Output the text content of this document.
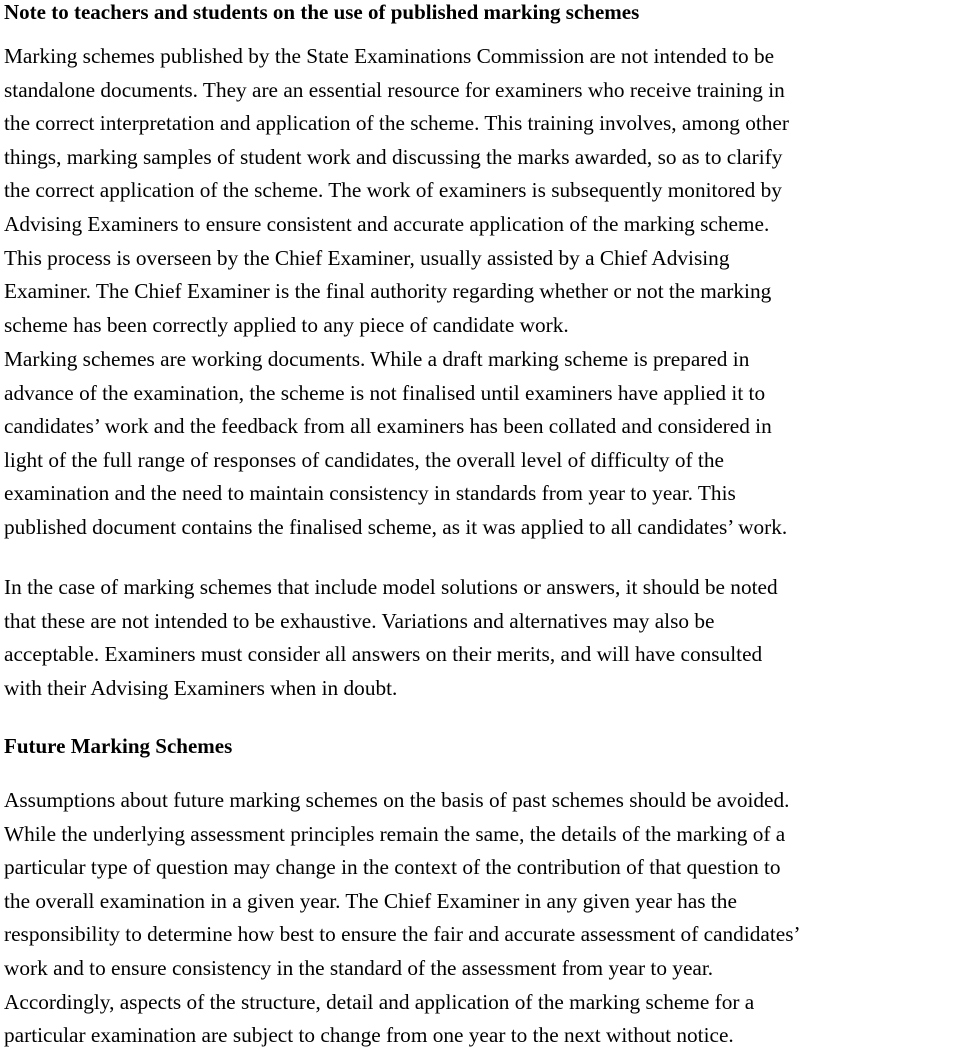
Note to teachers and students on the use of published marking schemes
Marking schemes published by the State Examinations Commission are not intended to be
standalone documents. They are an essential resource for examiners who receive training in
the correct interpretation and application of the scheme. This training involves, among other
things, marking samples of student work and discussing the marks awarded, so as to clarify
the correct application of the scheme. The work of examiners is subsequently monitored by
Advising Examiners to ensure consistent and accurate application of the marking scheme.
This process is overseen by the Chief Examiner, usually assisted by a Chief Advising
Examiner. The Chief Examiner is the final authority regarding whether or not the marking
scheme has been correctly applied to any piece of candidate work.
Marking schemes are working documents. While a draft marking scheme is prepared in
advance of the examination, the scheme is not finalised until examiners have applied it to
candidates’ work and the feedback from all examiners has been collated and considered in
light of the full range of responses of candidates, the overall level of difficulty of the
examination and the need to maintain consistency in standards from year to year. This
published document contains the finalised scheme, as it was applied to all candidates’ work.
In the case of marking schemes that include model solutions or answers, it should be noted
that these are not intended to be exhaustive. Variations and alternatives may also be
acceptable. Examiners must consider all answers on their merits, and will have consulted
with their Advising Examiners when in doubt.
Future Marking Schemes
Assumptions about future marking schemes on the basis of past schemes should be avoided.
While the underlying assessment principles remain the same, the details of the marking of a
particular type of question may change in the context of the contribution of that question to
the overall examination in a given year. The Chief Examiner in any given year has the
responsibility to determine how best to ensure the fair and accurate assessment of candidates’
work and to ensure consistency in the standard of the assessment from year to year.
Accordingly, aspects of the structure, detail and application of the marking scheme for a
particular examination are subject to change from one year to the next without notice.
